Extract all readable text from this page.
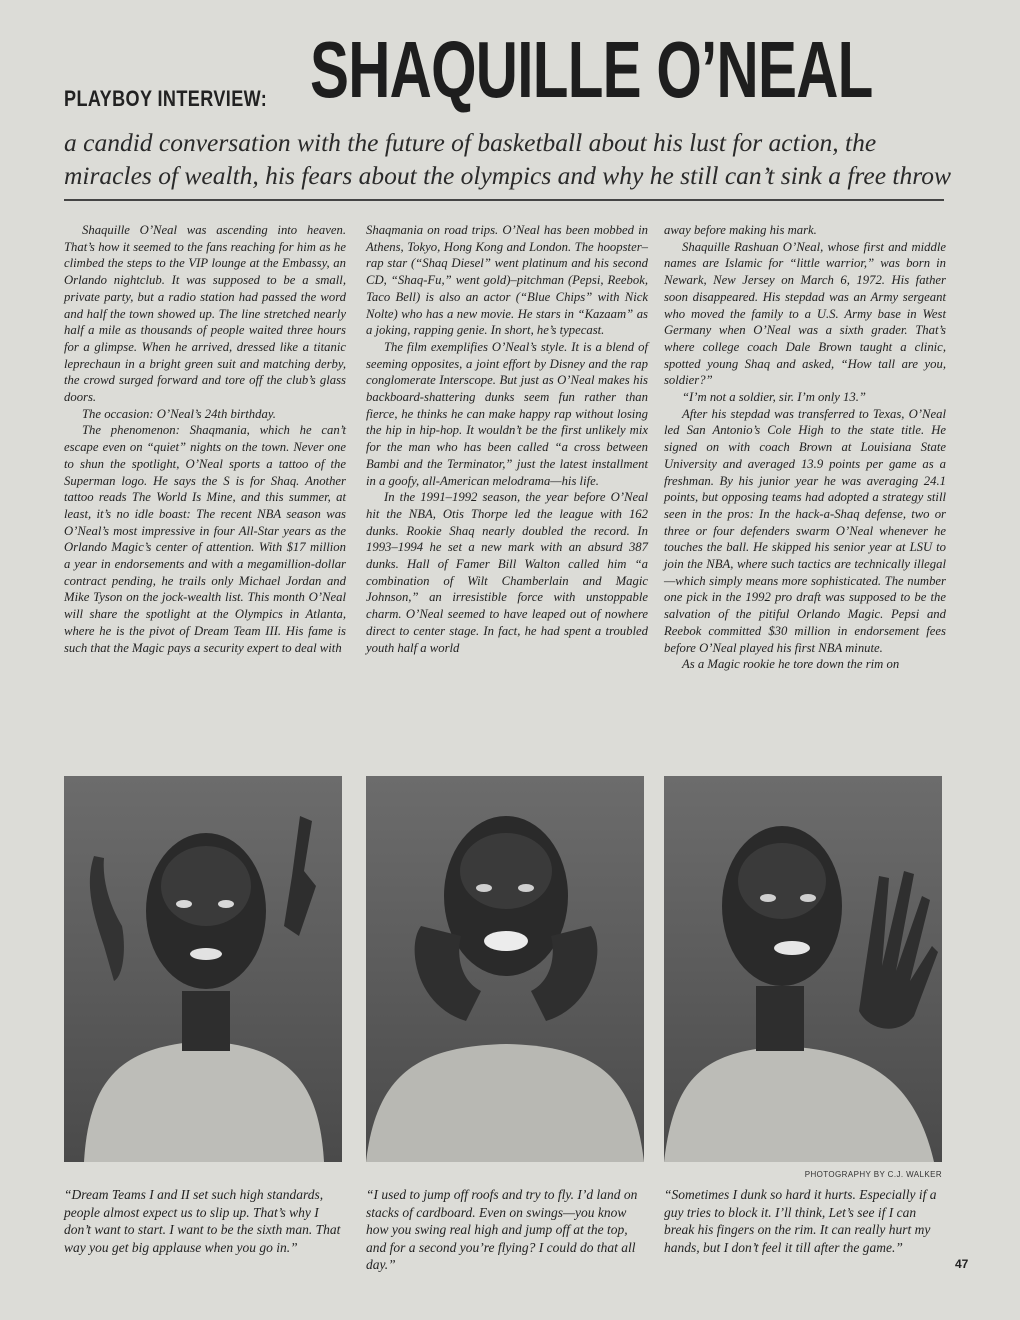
PLAYBOY INTERVIEW: SHAQUILLE O’NEAL
a candid conversation with the future of basketball about his lust for action, the miracles of wealth, his fears about the olympics and why he still can’t sink a free throw

Shaquille O’Neal was ascending into heaven. That’s how it seemed to the fans reaching for him as he climbed the steps to the VIP lounge at the Embassy, an Orlando nightclub. It was supposed to be a small, private party, but a radio station had passed the word and half the town showed up. The line stretched nearly half a mile as thousands of people waited three hours for a glimpse. When he arrived, dressed like a titanic leprechaun in a bright green suit and matching derby, the crowd surged forward and tore off the club’s glass doors.

The occasion: O’Neal’s 24th birthday.

The phenomenon: Shaqmania, which he can’t escape even on “quiet” nights on the town. Never one to shun the spotlight, O’Neal sports a tattoo of the Superman logo. He says the S is for Shaq. Another tattoo reads The World Is Mine, and this summer, at least, it’s no idle boast: The recent NBA season was O’Neal’s most impressive in four All-Star years as the Orlando Magic’s center of attention. With $17 million a year in endorsements and with a megamillion-dollar contract pending, he trails only Michael Jordan and Mike Tyson on the jock-wealth list. This month O’Neal will share the spotlight at the Olympics in Atlanta, where he is the pivot of Dream Team III. His fame is such that the Magic pays a security expert to deal with

Shaqmania on road trips. O’Neal has been mobbed in Athens, Tokyo, Hong Kong and London. The hoopster–rap star (“Shaq Diesel” went platinum and his second CD, “Shaq-Fu,” went gold)–pitchman (Pepsi, Reebok, Taco Bell) is also an actor (“Blue Chips” with Nick Nolte) who has a new movie. He stars in “Kazaam” as a joking, rapping genie. In short, he’s typecast.

The film exemplifies O’Neal’s style. It is a blend of seeming opposites, a joint effort by Disney and the rap conglomerate Interscope. But just as O’Neal makes his backboard-shattering dunks seem fun rather than fierce, he thinks he can make happy rap without losing the hip in hip-hop. It wouldn’t be the first unlikely mix for the man who has been called “a cross between Bambi and the Terminator,” just the latest installment in a goofy, all-American melodrama—his life.

In the 1991–1992 season, the year before O’Neal hit the NBA, Otis Thorpe led the league with 162 dunks. Rookie Shaq nearly doubled the record. In 1993–1994 he set a new mark with an absurd 387 dunks. Hall of Famer Bill Walton called him “a combination of Wilt Chamberlain and Magic Johnson,” an irresistible force with unstoppable charm. O’Neal seemed to have leaped out of nowhere direct to center stage. In fact, he had spent a troubled youth half a world

away before making his mark.

Shaquille Rashuan O’Neal, whose first and middle names are Islamic for “little warrior,” was born in Newark, New Jersey on March 6, 1972. His father soon disappeared. His stepdad was an Army sergeant who moved the family to a U.S. Army base in West Germany when O’Neal was a sixth grader. That’s where college coach Dale Brown taught a clinic, spotted young Shaq and asked, “How tall are you, soldier?”

“I’m not a soldier, sir. I’m only 13.”

After his stepdad was transferred to Texas, O’Neal led San Antonio’s Cole High to the state title. He signed on with coach Brown at Louisiana State University and averaged 13.9 points per game as a freshman. By his junior year he was averaging 24.1 points, but opposing teams had adopted a strategy still seen in the pros: In the hack-a-Shaq defense, two or three or four defenders swarm O’Neal whenever he touches the ball. He skipped his senior year at LSU to join the NBA, where such tactics are technically illegal—which simply means more sophisticated. The number one pick in the 1992 pro draft was supposed to be the salvation of the pitiful Orlando Magic. Pepsi and Reebok committed $30 million in endorsement fees before O’Neal played his first NBA minute.

As a Magic rookie he tore down the rim on

PHOTOGRAPHY BY C.J. WALKER
“Dream Teams I and II set such high standards, people almost expect us to slip up. That’s why I don’t want to start. I want to be the sixth man. That way you get big applause when you go in.”
“I used to jump off roofs and try to fly. I’d land on stacks of cardboard. Even on swings—you know how you swing real high and jump off at the top, and for a second you’re flying? I could do that all day.”
“Sometimes I dunk so hard it hurts. Especially if a guy tries to block it. I’ll think, Let’s see if I can break his fingers on the rim. It can really hurt my hands, but I don’t feel it till after the game.”
47
